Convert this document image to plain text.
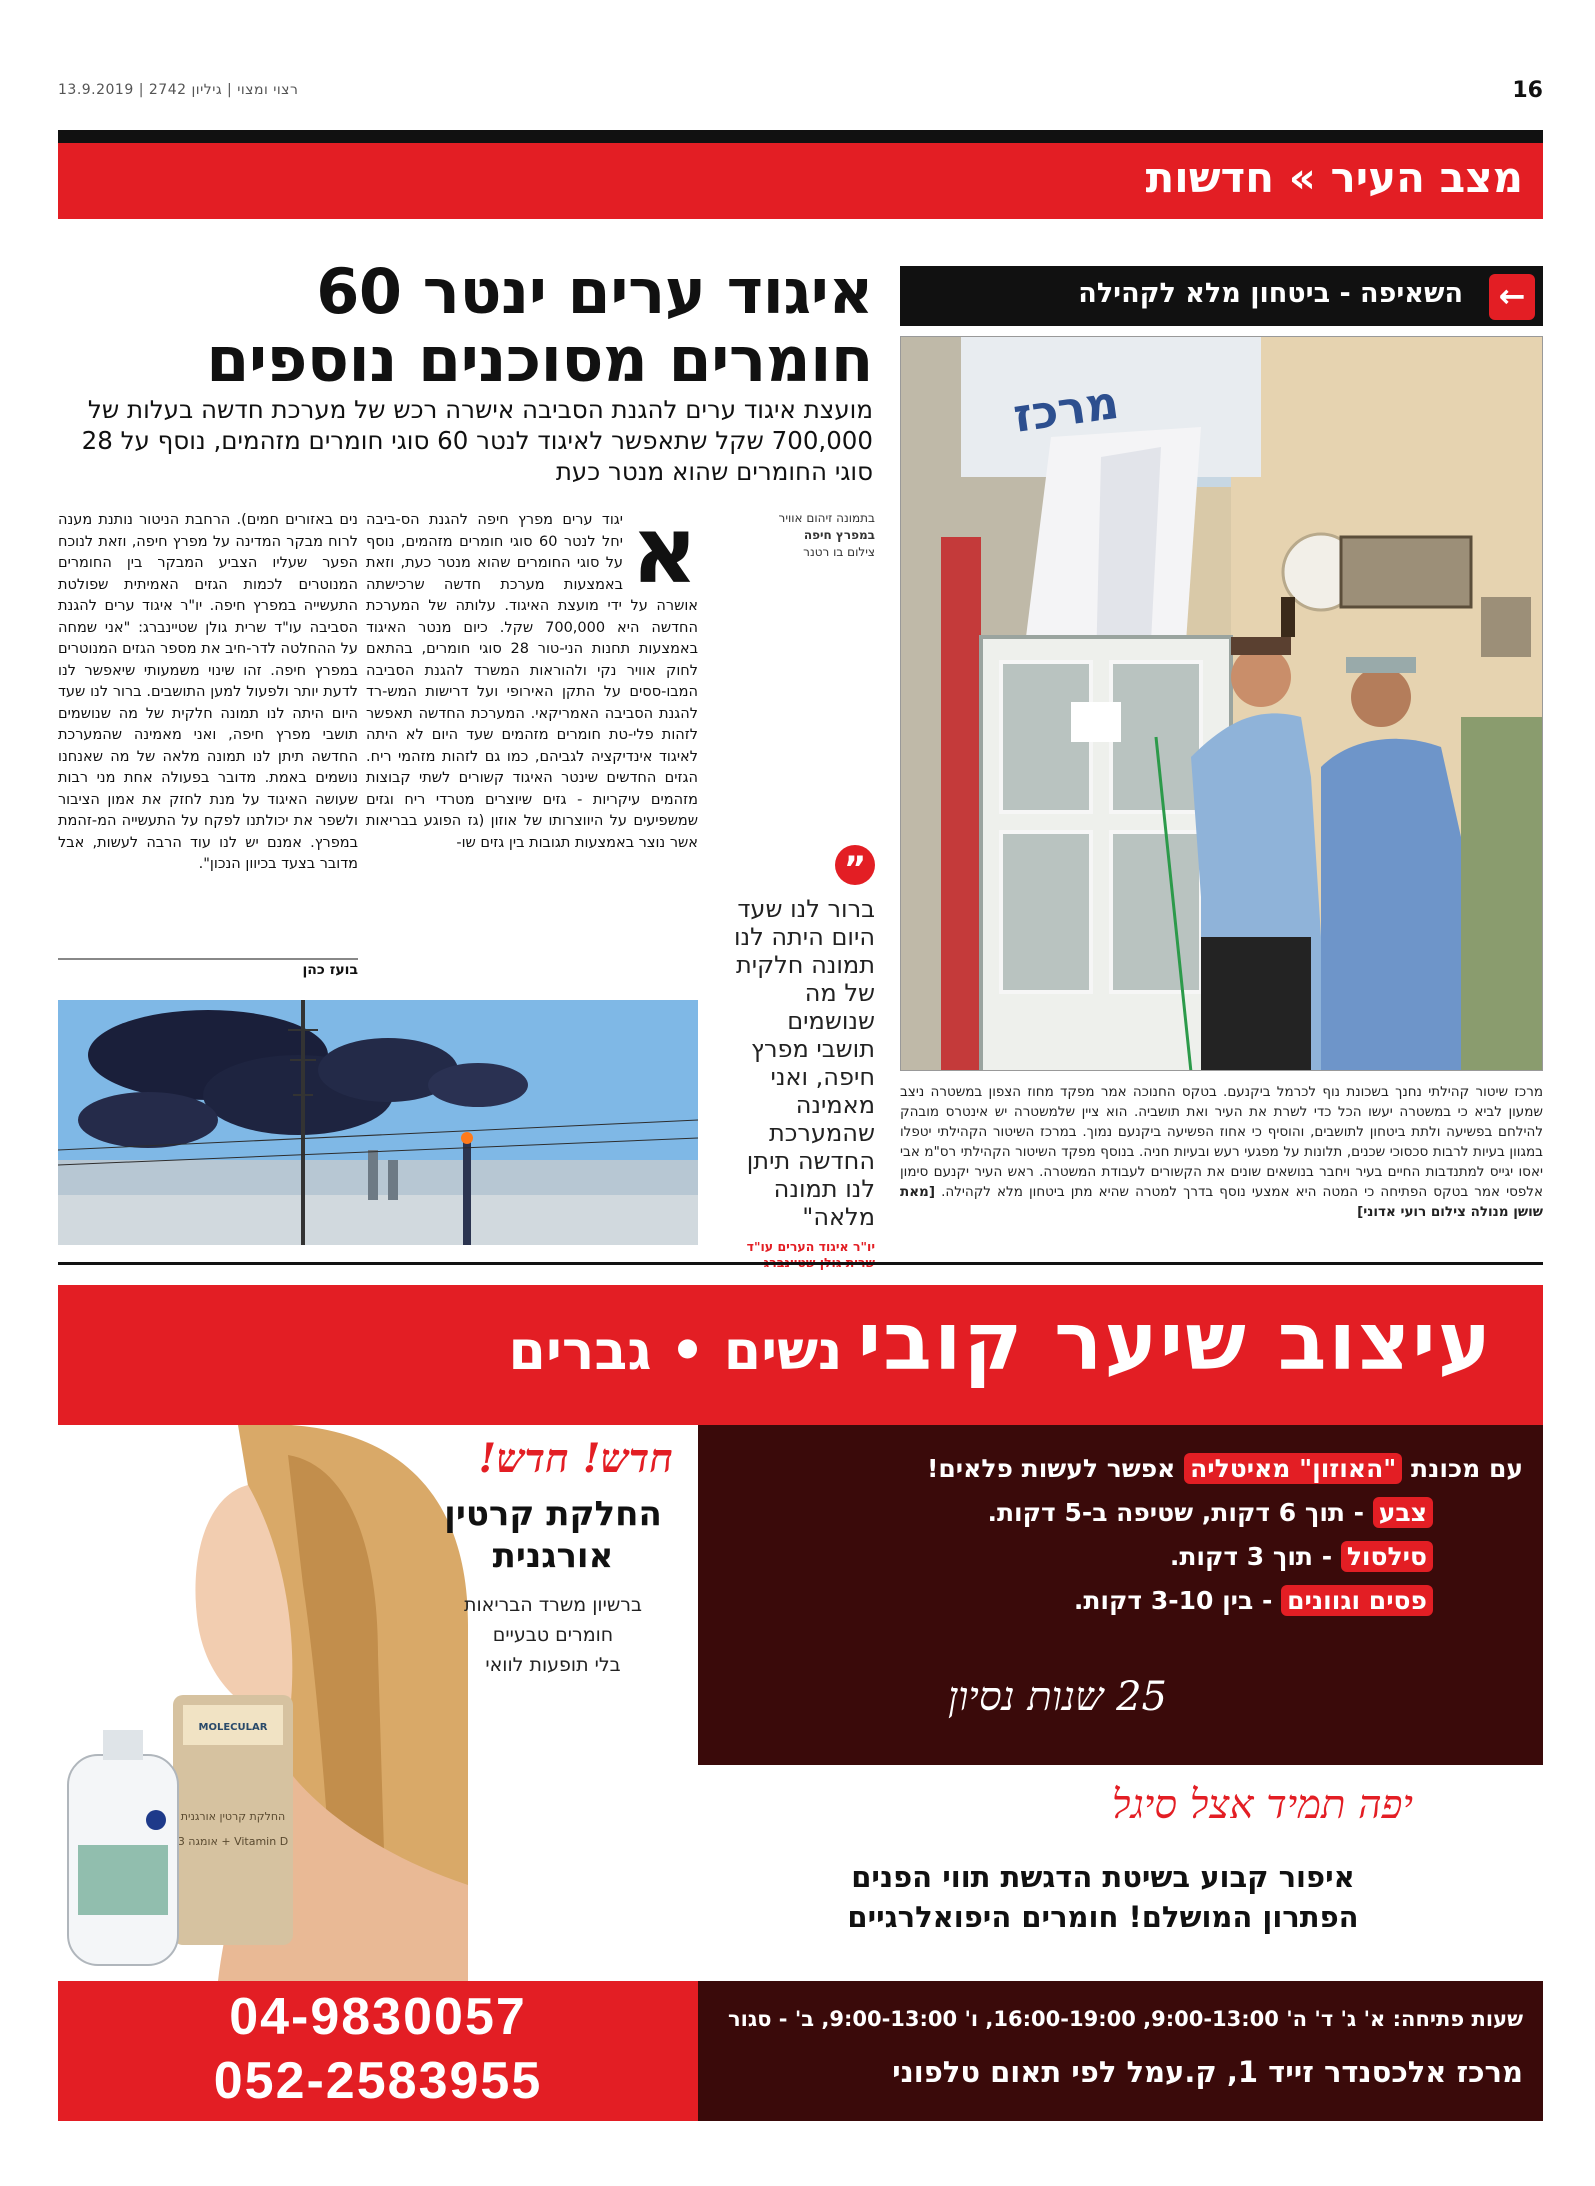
רצוי ומצוי | גיליון 2742 | 13.9.2019	16
מצב העיר » חדשות
השאיפה - ביטחון מלא לקהילה ←
מרכז
מרכז שיטור קהילתי נחנך בשכונת נוף לכרמל ביקנעם. בטקס החנוכה אמר מפקד מחוז הצפון במשטרה ניצב שמעון לביא כי במשטרה יעשו הכל כדי לשרת את העיר ואת תושביה. הוא ציין שלמשטרה יש אינטרס מובהק להילחם בפשיעה ולתת ביטחון לתושבים, והוסיף כי אחוז הפשיעה ביקנעם נמוך. במרכז השיטור הקהילתי יטפלו במגוון בעיות לרבות סכסוכי שכנים, תלונות על מפגעי רעש ובעיות חניה. בנוסף מפקד השיטור הקהילתי רס"מ אבי יאסו יגייס למתנדבות החיים בעיר ויחבר בנושאים שונים את הקשורים לעבודת המשטרה. ראש העיר יקנעם סימון אלפסי אמר בטקס הפתיחה כי המטה היא אמצעי נוסף בדרך למטרה שהיא מתן ביטחון מלא לקהילה. [מאת שושן מנולה צילום רועי אדוני]
איגוד ערים ינטר 60
חומרים מסוכנים נוספים
מועצת איגוד ערים להגנת הסביבה אישרה רכש של מערכת חדשה בעלות של 700,000 שקל שתאפשר לאיגוד לנטר 60 סוגי חומרים מזהמים, נוסף על 28 סוגי החומרים שהוא מנטר כעת
בתמונה זיהום אוויר
במפרץ חיפה
צילום בו רטנר
א
יגוד ערים מפרץ חיפה להגנת הס-ביבה יחל לנטר 60 סוגי חומרים מזהמים, נוסף על סוגי החומרים שהוא מנטר כעת, וזאת באמצעות מערכת חדשה שרכישתה אושרה על ידי מועצת האיגוד. עלותה של המערכת החדשה היא 700,000 שקל. כיום מנטר האיגוד באמצעות תחנות הני-טור 28 סוגי חומרים, בהתאם לחוק אוויר נקי ולהוראות המשרד להגנת הסביבה המבו-ססים על התקן האירופי ועל דרישות המש-רד להגנת הסביבה האמריקאי. המערכת החדשה תאפשר לזהות פלי-טת חומרים מזהמים שעד היום לא היתה לאיגוד אינדיקציה לגביהם, כמו גם לזהות מזהמי ריח. הגזים החדשים שינטר האיגוד קשורים לשתי קבוצות מזהמים עיקריות - גזים שיוצרים מטרדי ריח וגזים שמשפיעים על היווצרותו של אוזון (גז הפוגע בבריאות אשר נוצר באמצעות תגובות בין גזים שו-
נים באזורים חמים). הרחבת הניטור נותנת מענה לרוח מבקר המדינה על מפרץ חיפה, וזאת לנוכח הפער שעליו הצביע המבקר בין החומרים המנוטרים לכמות הגזים האמיתית שפולטת התעשייה במפרץ חיפה. יו"ר איגוד ערים להגנת הסביבה עו"ד שרית גולן שטיינברג: "אני שמחה על ההחלטה לדר-חיב את מספר הגזים המנוטרים במפרץ חיפה. זהו שינוי משמעותי שיאפשר לנו לדעת יותר ולפעול למען התושבים. ברור לנו שעד היום היתה לנו תמונה חלקית של מה שנושמים תושבי מפרץ חיפה, ואני מאמינה שהמערכת החדשה תיתן לנו תמונה מלאה של מה שאנחנו נושמים באמת. מדובר בפעולה אחת מני רבות שעושה האיגוד על מנת לחזק את אמון הציבור ולשפר את יכולתנו לפקח על התעשייה המ-זהמת במפרץ. אמנם יש לנו עוד הרבה לעשות, אבל מדובר בצעד בכיוון הנכון".
בועז כהן
”
ברור לנו שעד היום היתה לנו תמונה חלקית של מה שנושמים תושבי מפרץ חיפה, ואני מאמינה שהמערכת החדשה תיתן לנו תמונה מלאה"
יו"ר איגוד הערים עו"ד
עיצוב שיער קובי נשים • גברים
MOLECULAR
החלקת קרטין אורגנית
אומגה 3 + Vitamin D
חדש! חדש!
החלקת קרטין אורגנית
ברשיון משרד הבריאות
חומרים טבעיים
בלי תופעות לוואי
עם מכונת "האוזון" מאיטליה אפשר לעשות פלאים!
צבע - תוך 6 דקות, שטיפה ב-5 דקות.
סילסול - תוך 3 דקות.
פסים וגוונים - בין 3-10 דקות.
25 שנות נסיון
יפה תמיד אצל סיגל
איפור קבוע בשיטת הדגשת תווי הפנים
הפתרון המושלם! חומרים היפואלרגיים
04-9830057
052-2583955
שעות פתיחה: א' ג' ד' ה' 9:00-13:00, 16:00-19:00, ו' 9:00-13:00, ב' - סגור
מרכז אלכסנדר זייד 1, ק.עמל לפי תאום טלפוני
